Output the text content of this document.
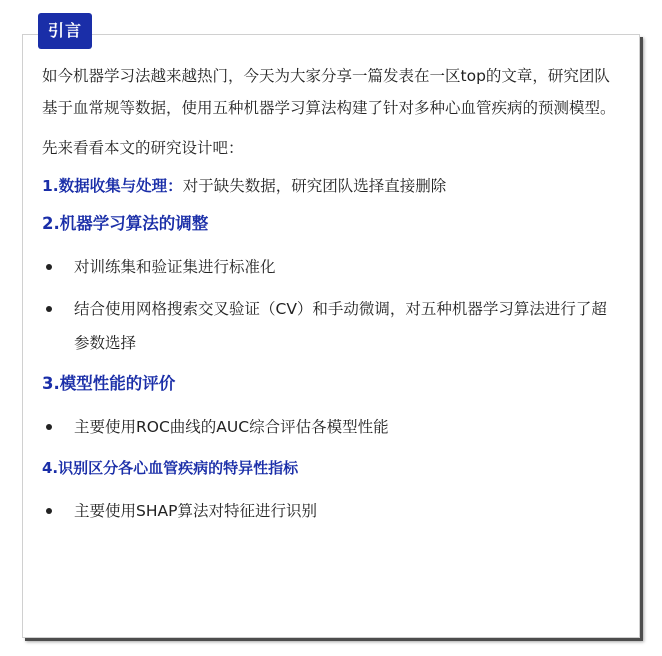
引言

如今机器学习法越来越热门，今天为大家分享一篇发表在一区top的文章，研究团队基于血常规等数据，使用五种机器学习算法构建了针对多种心血管疾病的预测模型。

先来看看本文的研究设计吧：

1.数据收集与处理：对于缺失数据，研究团队选择直接删除

2.机器学习算法的调整
对训练集和验证集进行标准化
结合使用网格搜索交叉验证（CV）和手动微调，对五种机器学习算法进行了超参数选择
3.模型性能的评价
主要使用ROC曲线的AUC综合评估各模型性能
4.识别区分各心血管疾病的特异性指标
主要使用SHAP算法对特征进行识别
